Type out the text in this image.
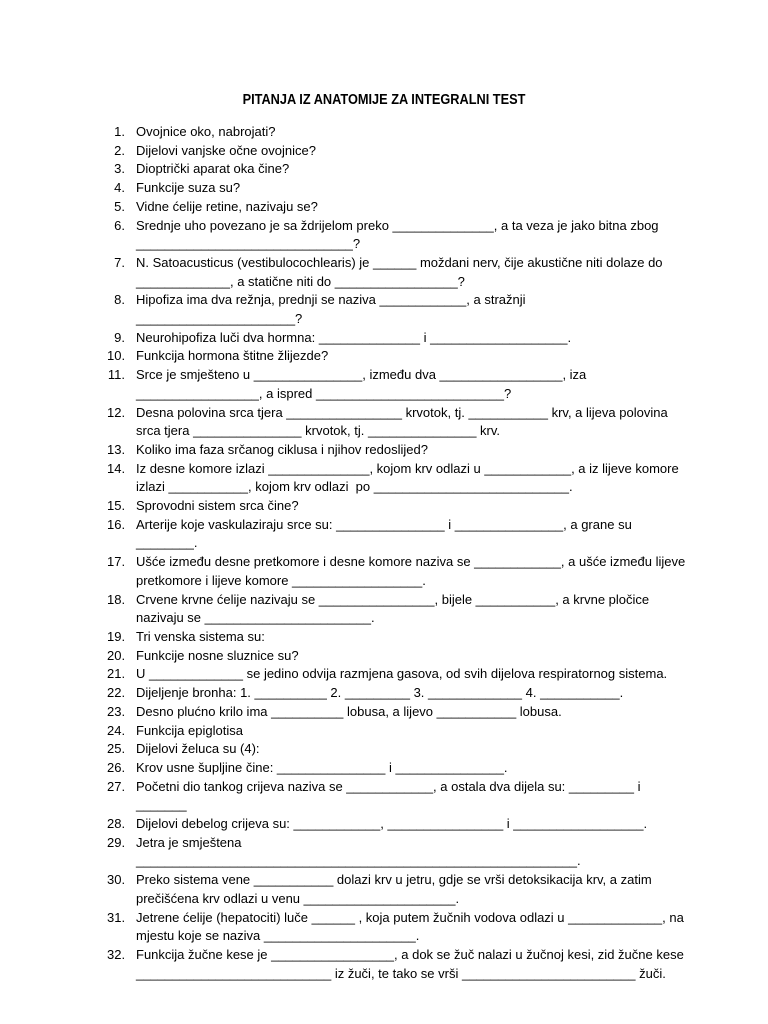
PITANJA IZ ANATOMIJE ZA INTEGRALNI TEST
1. Ovojnice oko, nabrojati?
2. Dijelovi vanjske očne ovojnice?
3. Dioptrički aparat oka čine?
4. Funkcije suza su?
5. Vidne ćelije retine, nazivaju se?
6. Srednje uho povezano je sa ždrijelom preko ______________, a ta veza je jako bitna zbog
______________________________?
7. N. Satoacusticus (vestibulocochlearis) je ______ moždani nerv, čije akustične niti dolaze do
_____________, a statične niti do _________________?
8. Hipofiza ima dva režnja, prednji se naziva ____________, a stražnji ______________________?
9. Neurohipofiza luči dva hormna: ______________ i ___________________.
10. Funkcija hormona štitne žlijezde?
11. Srce je smješteno u _______________, između dva _________________, iza
_________________, a ispred __________________________?
12. Desna polovina srca tjera ________________ krvotok, tj. ___________ krv, a lijeva polovina
srca tjera _______________ krvotok, tj. _______________ krv.
13. Koliko ima faza srčanog ciklusa i njihov redoslijed?
14. Iz desne komore izlazi ______________, kojom krv odlazi u ____________, a iz lijeve komore
izlazi ___________, kojom krv odlazi  po ___________________________.
15. Sprovodni sistem srca čine?
16. Arterije koje vaskulaziraju srce su: _______________ i _______________, a grane su ________.
17. Ušće između desne pretkomore i desne komore naziva se ____________, a ušće između lijeve
pretkomore i lijeve komore __________________.
18. Crvene krvne ćelije nazivaju se ________________, bijele ___________, a krvne pločice
nazivaju se _______________________.
19. Tri venska sistema su:
20. Funkcije nosne sluznice su?
21. U _____________ se jedino odvija razmjena gasova, od svih dijelova respiratornog sistema.
22. Dijeljenje bronha: 1. __________ 2. _________ 3. _____________ 4. ___________.
23. Desno plućno krilo ima __________ lobusa, a lijevo ___________ lobusa.
24. Funkcija epiglotisa
25. Dijelovi želuca su (4):
26. Krov usne šupljine čine: _______________ i _______________.
27. Početni dio tankog crijeva naziva se ____________, a ostala dva dijela su: _________ i _______
28. Dijelovi debelog crijeva su: ____________, ________________ i __________________.
29. Jetra je smještena _____________________________________________________________.
30. Preko sistema vene ___________ dolazi krv u jetru, gdje se vrši detoksikacija krv, a zatim
prečišćena krv odlazi u venu _____________________.
31. Jetrene ćelije (hepatociti) luče ______ , koja putem žučnih vodova odlazi u _____________, na
mjestu koje se naziva _____________________.
32. Funkcija žučne kese je _________________, a dok se žuč nalazi u žučnoj kesi, zid žučne kese
___________________________ iz žuči, te tako se vrši ________________________ žuči.
